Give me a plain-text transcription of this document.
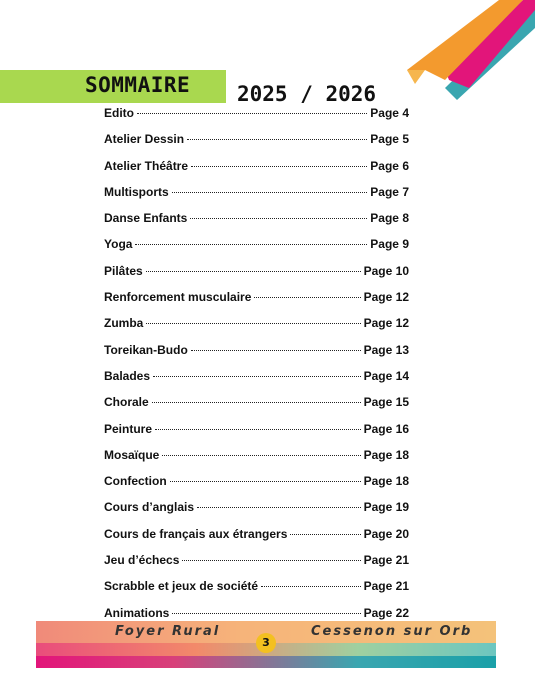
SOMMAIRE 2025 / 2026
Edito	Page 4
Atelier Dessin	Page 5
Atelier Théâtre	Page 6
Multisports	Page 7
Danse Enfants	Page 8
Yoga	Page 9
Pilâtes	Page 10
Renforcement musculaire	Page 12
Zumba	Page 12
Toreikan-Budo	Page 13
Balades	Page 14
Chorale	Page 15
Peinture	Page 16
Mosaïque	Page 18
Confection	Page 18
Cours d’anglais	Page 19
Cours de français aux étrangers	Page 20
Jeu d’échecs	Page 21
Scrabble et jeux de société	Page 21
Animations	Page 22
Foyer Rural	Cessenon sur Orb
3
